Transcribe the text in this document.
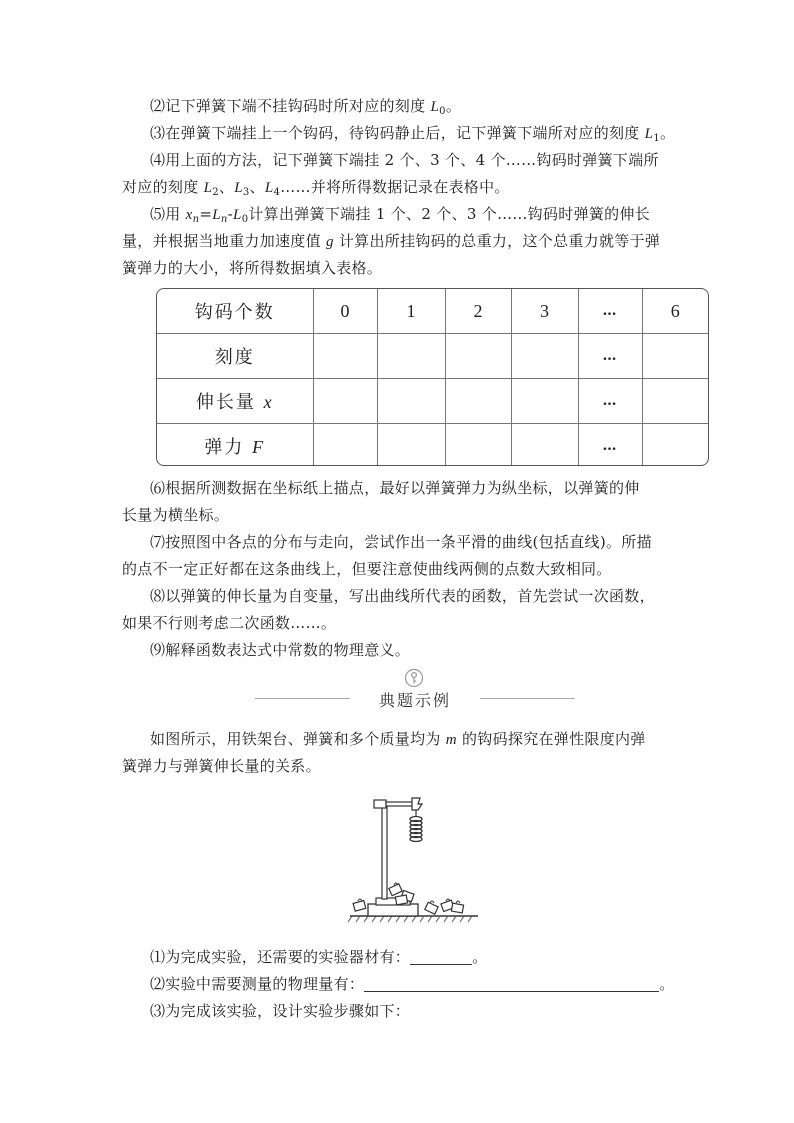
⑵记下弹簧下端不挂钩码时所对应的刻度 $L_0$。
⑶在弹簧下端挂上一个钩码，待钩码静止后，记下弹簧下端所对应的刻度 $L_1$。
⑷用上面的方法，记下弹簧下端挂 2 个、3 个、4 个……钩码时弹簧下端所
对应的刻度 $L_2$、$L_3$、$L_4\dots\dots$并将所得数据记录在表格中。
⑸用 $x_n=L_n-L_0$计算出弹簧下端挂 1 个、2 个、3 个……钩码时弹簧的伸长
量，并根据当地重力加速度值 g 计算出所挂钩码的总重力，这个总重力就等于弹
簧弹力的大小，将所得数据填入表格。
钩码个数	0	1	2	3	…	6
刻度					…	
伸长量 x					…	
弹力 F					…	
⑹根据所测数据在坐标纸上描点，最好以弹簧弹力为纵坐标，以弹簧的伸
长量为横坐标。
⑺按照图中各点的分布与走向，尝试作出一条平滑的曲线(包括直线)。所描
的点不一定正好都在这条曲线上，但要注意使曲线两侧的点数大致相同。
⑻以弹簧的伸长量为自变量，写出曲线所代表的函数，首先尝试一次函数，
如果不行则考虑二次函数……。
⑼解释函数表达式中常数的物理意义。
典题示例
如图所示，用铁架台、弹簧和多个质量均为 m 的钩码探究在弹性限度内弹
簧弹力与弹簧伸长量的关系。
⑴为完成实验，还需要的实验器材有：	。
⑵实验中需要测量的物理量有：	。
⑶为完成该实验，设计实验步骤如下：
